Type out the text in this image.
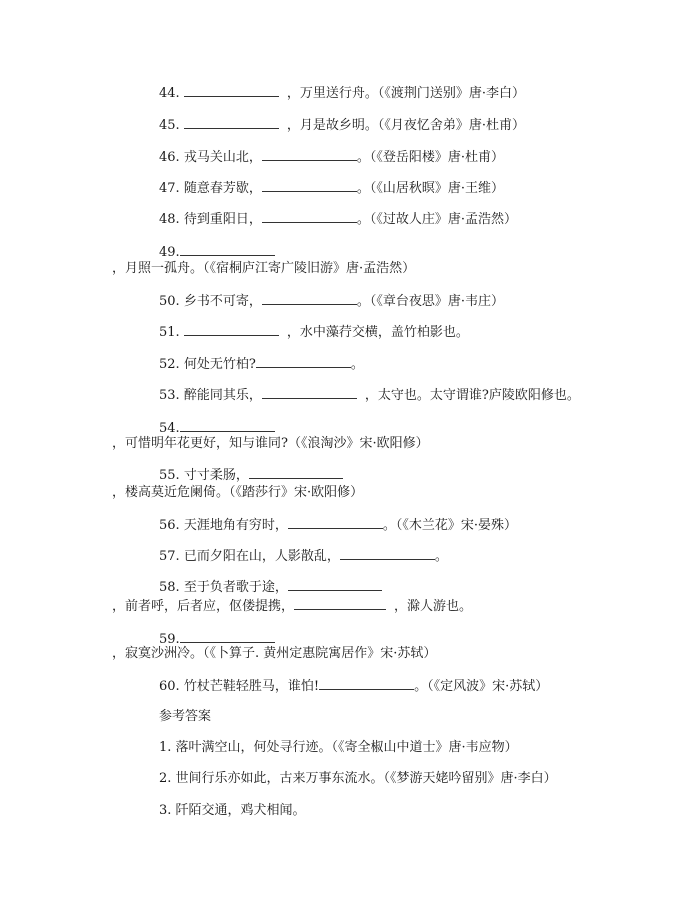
44.	，万里送行舟。（《渡荆门送别》唐·李白）
45.	，月是故乡明。（《月夜忆舍弟》唐·杜甫）
46. 戎马关山北，	。（《登岳阳楼》唐·杜甫）
47. 随意春芳歇，	。（《山居秋暝》唐·王维）
48. 待到重阳日，	。（《过故人庄》唐·孟浩然）
49.
，月照一孤舟。（《宿桐庐江寄广陵旧游》唐·孟浩然）
50. 乡书不可寄，	。（《章台夜思》唐·韦庄）
51.	，水中藻荇交横，盖竹柏影也。
52. 何处无竹柏?	。
53. 醉能同其乐，	，太守也。太守谓谁?庐陵欧阳修也。
54.
，可惜明年花更好，知与谁同?（《浪淘沙》宋·欧阳修）
55. 寸寸柔肠，
，楼高莫近危阑倚。（《踏莎行》宋·欧阳修）
56. 天涯地角有穷时，	。（《木兰花》宋·晏殊）
57. 已而夕阳在山，人影散乱，	。
58. 至于负者歌于途，
，前者呼，后者应，伛偻提携，	，滁人游也。
59.
，寂寞沙洲冷。（《卜算子. 黄州定惠院寓居作》宋·苏轼）
60. 竹杖芒鞋轻胜马，谁怕!	。（《定风波》宋·苏轼）
参考答案
1. 落叶满空山，何处寻行迹。（《寄全椒山中道士》唐·韦应物）
2. 世间行乐亦如此，古来万事东流水。（《梦游天姥吟留别》唐·李白）
3. 阡陌交通，鸡犬相闻。
